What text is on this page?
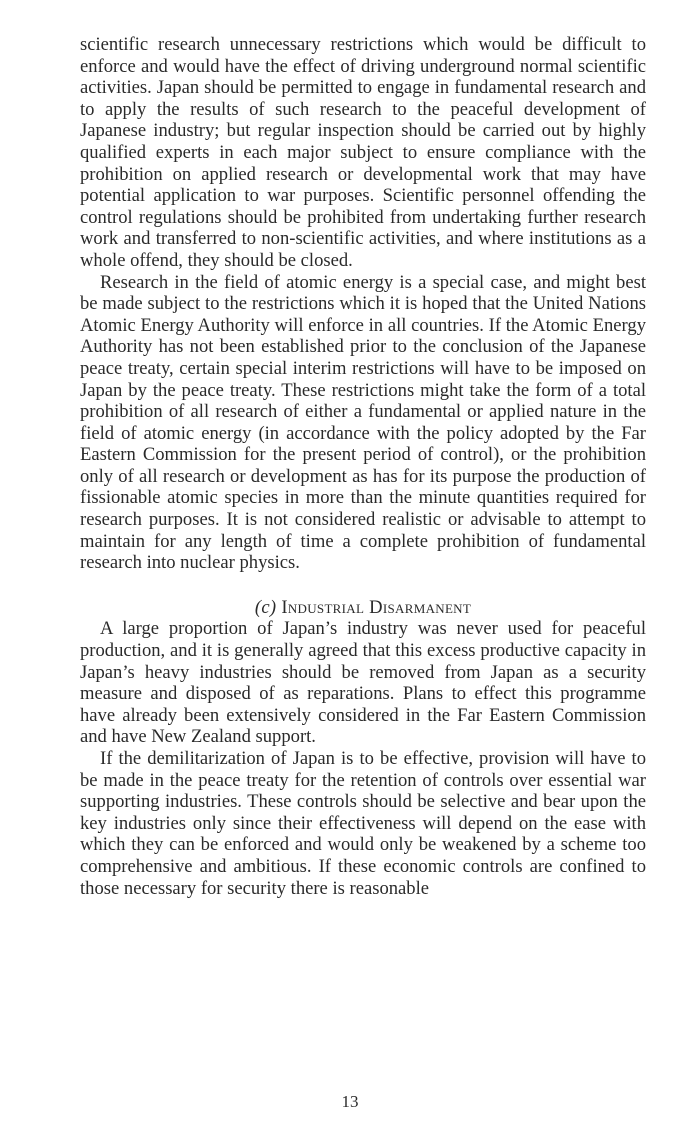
scientific research unnecessary restrictions which would be difficult to enforce and would have the effect of driving underground normal scientific activities. Japan should be permitted to engage in fundamental research and to apply the results of such research to the peaceful development of Japanese industry; but regular inspection should be carried out by highly qualified experts in each major subject to ensure compliance with the prohibition on applied research or developmental work that may have potential application to war purposes. Scientific personnel offending the control regulations should be prohibited from undertaking further research work and transferred to non-scientific activities, and where institutions as a whole offend, they should be closed.

Research in the field of atomic energy is a special case, and might best be made subject to the restrictions which it is hoped that the United Nations Atomic Energy Authority will enforce in all countries. If the Atomic Energy Authority has not been established prior to the conclusion of the Japanese peace treaty, certain special interim restrictions will have to be imposed on Japan by the peace treaty. These restrictions might take the form of a total prohibition of all research of either a fundamental or applied nature in the field of atomic energy (in accordance with the policy adopted by the Far Eastern Commission for the present period of control), or the prohibition only of all research or development as has for its purpose the production of fissionable atomic species in more than the minute quantities required for research purposes. It is not considered realistic or advisable to attempt to maintain for any length of time a complete prohibition of fundamental research into nuclear physics.

(c) Industrial Disarmanent

A large proportion of Japan’s industry was never used for peaceful production, and it is generally agreed that this excess productive capacity in Japan’s heavy industries should be removed from Japan as a security measure and disposed of as reparations. Plans to effect this programme have already been extensively considered in the Far Eastern Commission and have New Zealand support.

If the demilitarization of Japan is to be effective, provision will have to be made in the peace treaty for the retention of controls over essential war supporting industries. These controls should be selective and bear upon the key industries only since their effectiveness will depend on the ease with which they can be enforced and would only be weakened by a scheme too comprehensive and ambitious. If these economic controls are confined to those necessary for security there is reasonable

13
